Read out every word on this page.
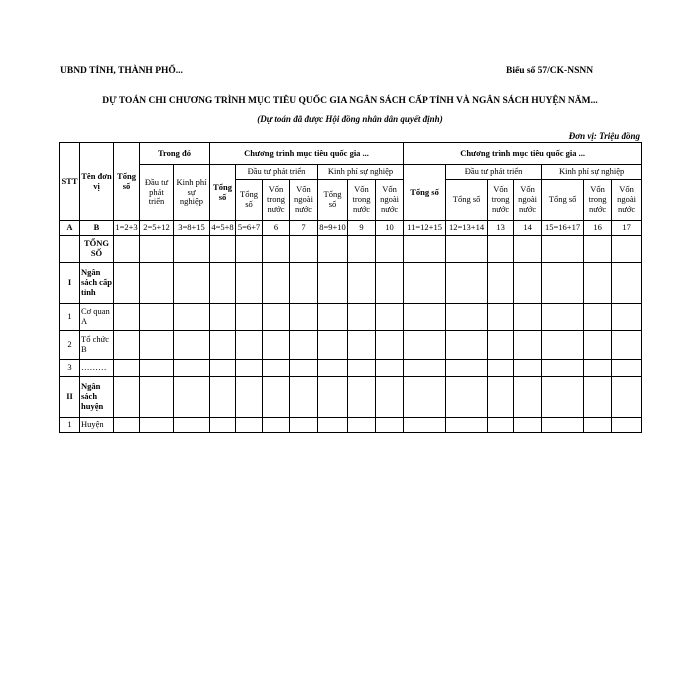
UBND TỈNH, THÀNH PHỐ...	Biểu số 57/CK-NSNN
DỰ TOÁN CHI CHƯƠNG TRÌNH MỤC TIÊU QUỐC GIA NGÂN SÁCH CẤP TỈNH VÀ NGÂN SÁCH HUYỆN NĂM...
(Dự toán đã được Hội đồng nhân dân quyết định)
Đơn vị: Triệu đồng
STT	Tên đơn vị	Tổng số	Trong đó		Chương trình mục tiêu quốc gia ...							Chương trình mục tiêu quốc gia ...						
			Đầu tư phát triển	Kinh phí sự nghiệp	Tổng số	Đầu tư phát triển			Kinh phí sự nghiệp			Tổng số	Đầu tư phát triển			Kinh phí sự nghiệp		
						Tổng số	Vốn trong nước	Vốn ngoài nước	Tổng số	Vốn trong nước	Vốn ngoài nước		Tổng số	Vốn trong nước	Vốn ngoài nước	Tổng số	Vốn trong nước	Vốn ngoài nước
A	B	1=2+3	2=5+12	3=8+15	4=5+8	5=6+7	6	7	8=9+10	9	10	11=12+15	12=13+14	13	14	15=16+17	16	17
	TỔNG SỐ																	
I	Ngân sách cấp tỉnh																	
1	Cơ quan A																	
2	Tổ chức B																	
3	………																	
II	Ngân sách huyện																	
1	Huyện																	
